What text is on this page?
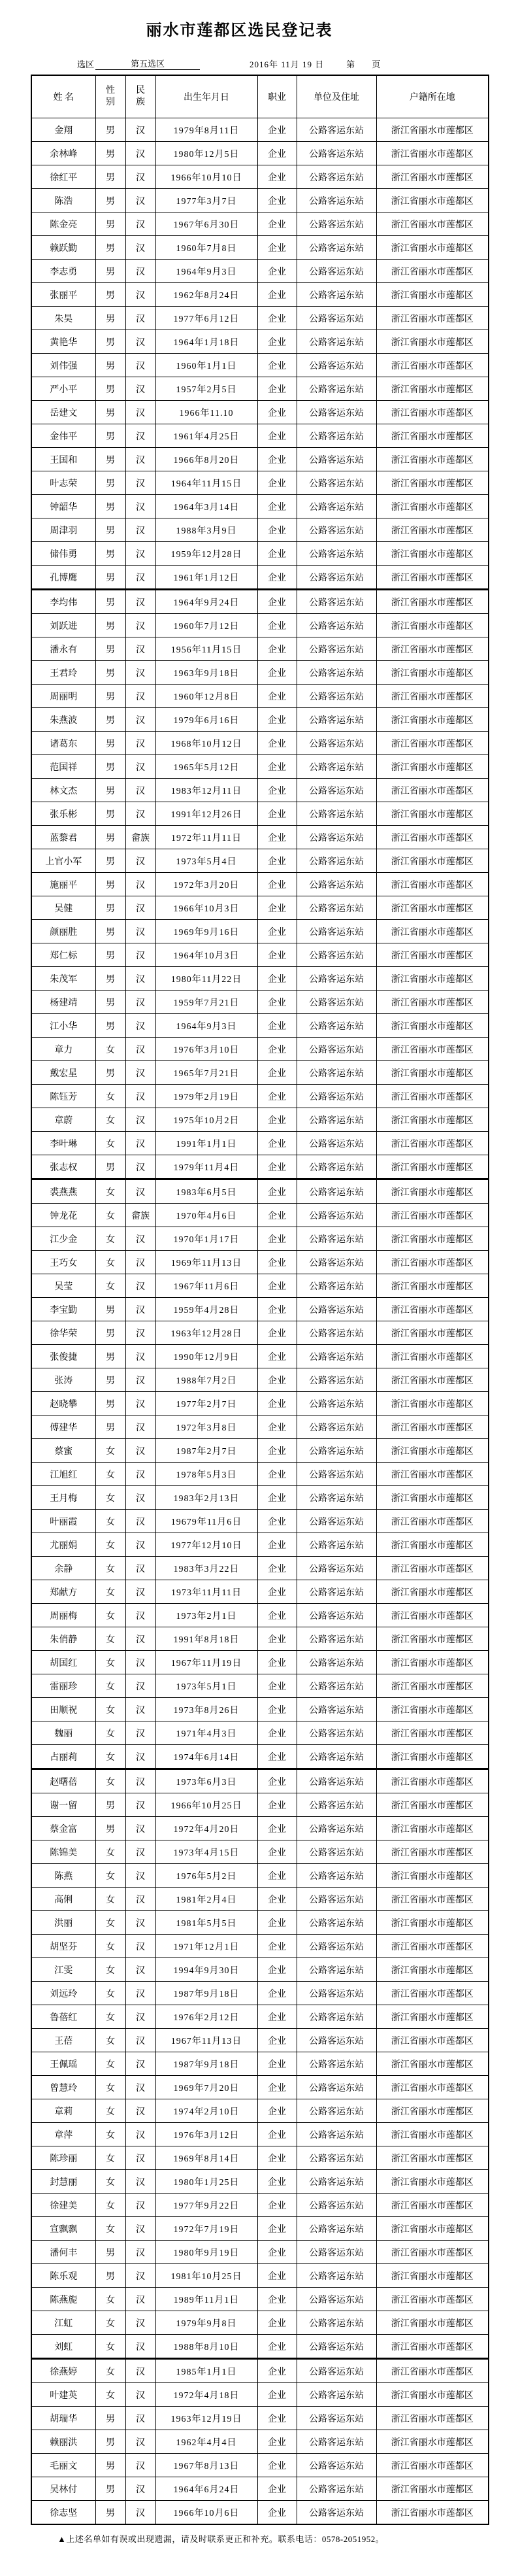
丽水市莲都区选民登记表
选区	第五选区	2016年 11月 19 日	第　　页
姓 名	性别	民族	出生年月日	职业	单位及住址	户籍所在地
金翔	男	汉	1979年8月11日	企业	公路客运东站	浙江省丽水市莲都区
余林峰	男	汉	1980年12月5日	企业	公路客运东站	浙江省丽水市莲都区
徐红平	男	汉	1966年10月10日	企业	公路客运东站	浙江省丽水市莲都区
陈浩	男	汉	1977年3月7日	企业	公路客运东站	浙江省丽水市莲都区
陈金亮	男	汉	1967年6月30日	企业	公路客运东站	浙江省丽水市莲都区
赖跃勤	男	汉	1960年7月8日	企业	公路客运东站	浙江省丽水市莲都区
李志勇	男	汉	1964年9月3日	企业	公路客运东站	浙江省丽水市莲都区
张丽平	男	汉	1962年8月24日	企业	公路客运东站	浙江省丽水市莲都区
朱昊	男	汉	1977年6月12日	企业	公路客运东站	浙江省丽水市莲都区
黄艳华	男	汉	1964年1月18日	企业	公路客运东站	浙江省丽水市莲都区
刘伟强	男	汉	1960年1月1日	企业	公路客运东站	浙江省丽水市莲都区
严小平	男	汉	1957年2月5日	企业	公路客运东站	浙江省丽水市莲都区
岳建文	男	汉	1966年11.10	企业	公路客运东站	浙江省丽水市莲都区
金伟平	男	汉	1961年4月25日	企业	公路客运东站	浙江省丽水市莲都区
王国和	男	汉	1966年8月20日	企业	公路客运东站	浙江省丽水市莲都区
叶志荣	男	汉	1964年11月15日	企业	公路客运东站	浙江省丽水市莲都区
钟韶华	男	汉	1964年3月14日	企业	公路客运东站	浙江省丽水市莲都区
周津羽	男	汉	1988年3月9日	企业	公路客运东站	浙江省丽水市莲都区
储伟勇	男	汉	1959年12月28日	企业	公路客运东站	浙江省丽水市莲都区
孔博鹰	男	汉	1961年1月12日	企业	公路客运东站	浙江省丽水市莲都区
李均伟	男	汉	1964年9月24日	企业	公路客运东站	浙江省丽水市莲都区
刘跃进	男	汉	1960年7月12日	企业	公路客运东站	浙江省丽水市莲都区
潘永有	男	汉	1956年11月15日	企业	公路客运东站	浙江省丽水市莲都区
王君玲	男	汉	1963年9月18日	企业	公路客运东站	浙江省丽水市莲都区
周丽明	男	汉	1960年12月8日	企业	公路客运东站	浙江省丽水市莲都区
朱燕波	男	汉	1979年6月16日	企业	公路客运东站	浙江省丽水市莲都区
诸葛东	男	汉	1968年10月12日	企业	公路客运东站	浙江省丽水市莲都区
范国祥	男	汉	1965年5月12日	企业	公路客运东站	浙江省丽水市莲都区
林文杰	男	汉	1983年12月11日	企业	公路客运东站	浙江省丽水市莲都区
张乐彬	男	汉	1991年12月26日	企业	公路客运东站	浙江省丽水市莲都区
蓝黎君	男	畲族	1972年11月11日	企业	公路客运东站	浙江省丽水市莲都区
上官小军	男	汉	1973年5月4日	企业	公路客运东站	浙江省丽水市莲都区
施丽平	男	汉	1972年3月20日	企业	公路客运东站	浙江省丽水市莲都区
吴健	男	汉	1966年10月3日	企业	公路客运东站	浙江省丽水市莲都区
颜丽胜	男	汉	1969年9月16日	企业	公路客运东站	浙江省丽水市莲都区
郑仁标	男	汉	1964年10月3日	企业	公路客运东站	浙江省丽水市莲都区
朱茂军	男	汉	1980年11月22日	企业	公路客运东站	浙江省丽水市莲都区
杨建靖	男	汉	1959年7月21日	企业	公路客运东站	浙江省丽水市莲都区
江小华	男	汉	1964年9月3日	企业	公路客运东站	浙江省丽水市莲都区
章力	女	汉	1976年3月10日	企业	公路客运东站	浙江省丽水市莲都区
戴宏星	男	汉	1965年7月21日	企业	公路客运东站	浙江省丽水市莲都区
陈钰芳	女	汉	1979年2月19日	企业	公路客运东站	浙江省丽水市莲都区
章蔚	女	汉	1975年10月2日	企业	公路客运东站	浙江省丽水市莲都区
李叶琳	女	汉	1991年1月1日	企业	公路客运东站	浙江省丽水市莲都区
张志权	男	汉	1979年11月4日	企业	公路客运东站	浙江省丽水市莲都区
裘燕燕	女	汉	1983年6月5日	企业	公路客运东站	浙江省丽水市莲都区
钟龙花	女	畲族	1970年4月6日	企业	公路客运东站	浙江省丽水市莲都区
江少金	女	汉	1970年1月17日	企业	公路客运东站	浙江省丽水市莲都区
王巧女	女	汉	1969年11月13日	企业	公路客运东站	浙江省丽水市莲都区
吴莹	女	汉	1967年11月6日	企业	公路客运东站	浙江省丽水市莲都区
李宝勤	男	汉	1959年4月28日	企业	公路客运东站	浙江省丽水市莲都区
徐华荣	男	汉	1963年12月28日	企业	公路客运东站	浙江省丽水市莲都区
张俊捷	男	汉	1990年12月9日	企业	公路客运东站	浙江省丽水市莲都区
张涛	男	汉	1988年7月2日	企业	公路客运东站	浙江省丽水市莲都区
赵晓攀	男	汉	1977年2月7日	企业	公路客运东站	浙江省丽水市莲都区
傅建华	男	汉	1972年3月8日	企业	公路客运东站	浙江省丽水市莲都区
蔡蜜	女	汉	1987年2月7日	企业	公路客运东站	浙江省丽水市莲都区
江旭红	女	汉	1978年5月3日	企业	公路客运东站	浙江省丽水市莲都区
王月梅	女	汉	1983年2月13日	企业	公路客运东站	浙江省丽水市莲都区
叶丽霞	女	汉	19679年11月6日	企业	公路客运东站	浙江省丽水市莲都区
尤丽娟	女	汉	1977年12月10日	企业	公路客运东站	浙江省丽水市莲都区
余静	女	汉	1983年3月22日	企业	公路客运东站	浙江省丽水市莲都区
郑献方	女	汉	1973年11月11日	企业	公路客运东站	浙江省丽水市莲都区
周丽梅	女	汉	1973年2月1日	企业	公路客运东站	浙江省丽水市莲都区
朱俏静	女	汉	1991年8月18日	企业	公路客运东站	浙江省丽水市莲都区
胡国红	女	汉	1967年11月19日	企业	公路客运东站	浙江省丽水市莲都区
雷丽珍	女	汉	1973年5月1日	企业	公路客运东站	浙江省丽水市莲都区
田顺祝	女	汉	1973年8月26日	企业	公路客运东站	浙江省丽水市莲都区
魏丽	女	汉	1971年4月3日	企业	公路客运东站	浙江省丽水市莲都区
占丽莉	女	汉	1974年6月14日	企业	公路客运东站	浙江省丽水市莲都区
赵曙蓓	女	汉	1973年6月3日	企业	公路客运东站	浙江省丽水市莲都区
谢一留	男	汉	1966年10月25日	企业	公路客运东站	浙江省丽水市莲都区
蔡金富	男	汉	1972年4月20日	企业	公路客运东站	浙江省丽水市莲都区
陈锦美	女	汉	1973年4月15日	企业	公路客运东站	浙江省丽水市莲都区
陈燕	女	汉	1976年5月2日	企业	公路客运东站	浙江省丽水市莲都区
高俐	女	汉	1981年2月4日	企业	公路客运东站	浙江省丽水市莲都区
洪丽	女	汉	1981年5月5日	企业	公路客运东站	浙江省丽水市莲都区
胡坚芬	女	汉	1971年12月1日	企业	公路客运东站	浙江省丽水市莲都区
江雯	女	汉	1994年9月30日	企业	公路客运东站	浙江省丽水市莲都区
刘远玲	女	汉	1987年9月18日	企业	公路客运东站	浙江省丽水市莲都区
鲁蓓红	女	汉	1976年2月12日	企业	公路客运东站	浙江省丽水市莲都区
王蓓	女	汉	1967年11月13日	企业	公路客运东站	浙江省丽水市莲都区
王佩瑶	女	汉	1987年9月18日	企业	公路客运东站	浙江省丽水市莲都区
曾慧玲	女	汉	1969年7月20日	企业	公路客运东站	浙江省丽水市莲都区
章莉	女	汉	1974年2月10日	企业	公路客运东站	浙江省丽水市莲都区
章萍	女	汉	1976年3月12日	企业	公路客运东站	浙江省丽水市莲都区
陈珍丽	女	汉	1969年8月14日	企业	公路客运东站	浙江省丽水市莲都区
封慧丽	女	汉	1980年1月25日	企业	公路客运东站	浙江省丽水市莲都区
徐建美	女	汉	1977年9月22日	企业	公路客运东站	浙江省丽水市莲都区
宣飘飘	女	汉	1972年7月19日	企业	公路客运东站	浙江省丽水市莲都区
潘何丰	男	汉	1980年9月19日	企业	公路客运东站	浙江省丽水市莲都区
陈乐观	男	汉	1981年10月25日	企业	公路客运东站	浙江省丽水市莲都区
陈燕旎	女	汉	1989年11月1日	企业	公路客运东站	浙江省丽水市莲都区
江虹	女	汉	1979年9月8日	企业	公路客运东站	浙江省丽水市莲都区
刘虹	女	汉	1988年8月10日	企业	公路客运东站	浙江省丽水市莲都区
徐燕婷	女	汉	1985年1月1日	企业	公路客运东站	浙江省丽水市莲都区
叶建英	女	汉	1972年4月18日	企业	公路客运东站	浙江省丽水市莲都区
胡瑞华	男	汉	1963年12月19日	企业	公路客运东站	浙江省丽水市莲都区
赖丽洪	男	汉	1962年4月4日	企业	公路客运东站	浙江省丽水市莲都区
毛丽文	男	汉	1967年8月13日	企业	公路客运东站	浙江省丽水市莲都区
吴林付	男	汉	1964年6月24日	企业	公路客运东站	浙江省丽水市莲都区
徐志坚	男	汉	1966年10月6日	企业	公路客运东站	浙江省丽水市莲都区

▲上述名单如有误或出现遗漏，请及时联系更正和补充。联系电话：0578-2051952。
